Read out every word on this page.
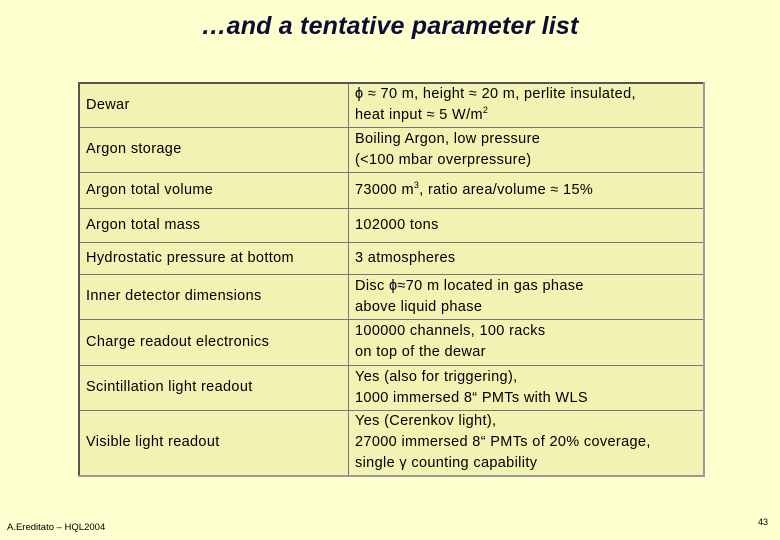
…and a tentative parameter list
Dewar	ϕ ≈ 70 m, height ≈ 20 m, perlite insulated,
heat input ≈ 5 $W/m^2$
Argon storage	Boiling Argon, low pressure
(<100 mbar overpressure)
Argon total volume	73000 $m^3$, ratio area/volume ≈ 15%
Argon total mass	102000 tons
Hydrostatic pressure at bottom	3 atmospheres
Inner detector dimensions	Disc ϕ≈70 m located in gas phase
above liquid phase
Charge readout electronics	100000 channels, 100 racks
on top of the dewar
Scintillation light readout	Yes (also for triggering),
1000 immersed 8“ PMTs with WLS
Visible light readout	Yes (Cerenkov light),
27000 immersed 8“ PMTs of 20% coverage,
single γ counting capability
A.Ereditato – HQL2004	43
